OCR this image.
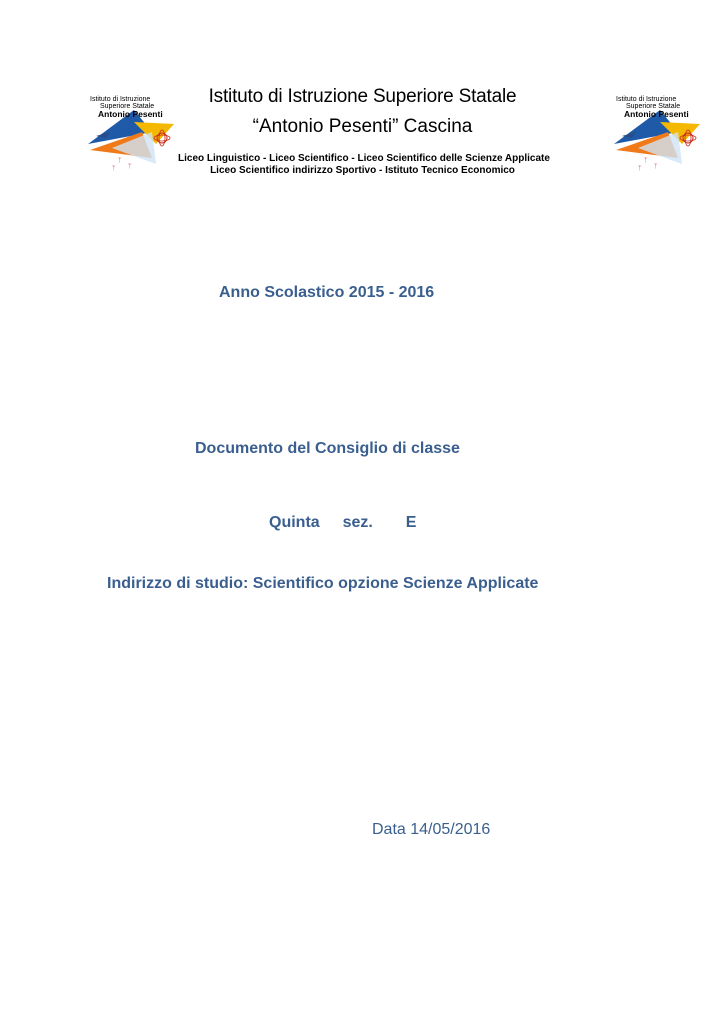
ᛉ
ᛉ
ᛉ
Istituto di Istruzione
Superiore Statale
Antonio Pesenti
ᛉ
ᛉ
ᛉ
Istituto di Istruzione
Superiore Statale
Antonio Pesenti
Istituto di Istruzione Superiore Statale
“Antonio Pesenti” Cascina
Liceo Linguistico - Liceo Scientifico - Liceo Scientifico delle Scienze Applicate
Liceo Scientifico indirizzo Sportivo - Istituto Tecnico Economico
Anno Scolastico 2015 - 2016
Documento del Consiglio di classe
Quinta sez. E
Indirizzo di studio: Scientifico opzione Scienze Applicate
Data 14/05/2016
